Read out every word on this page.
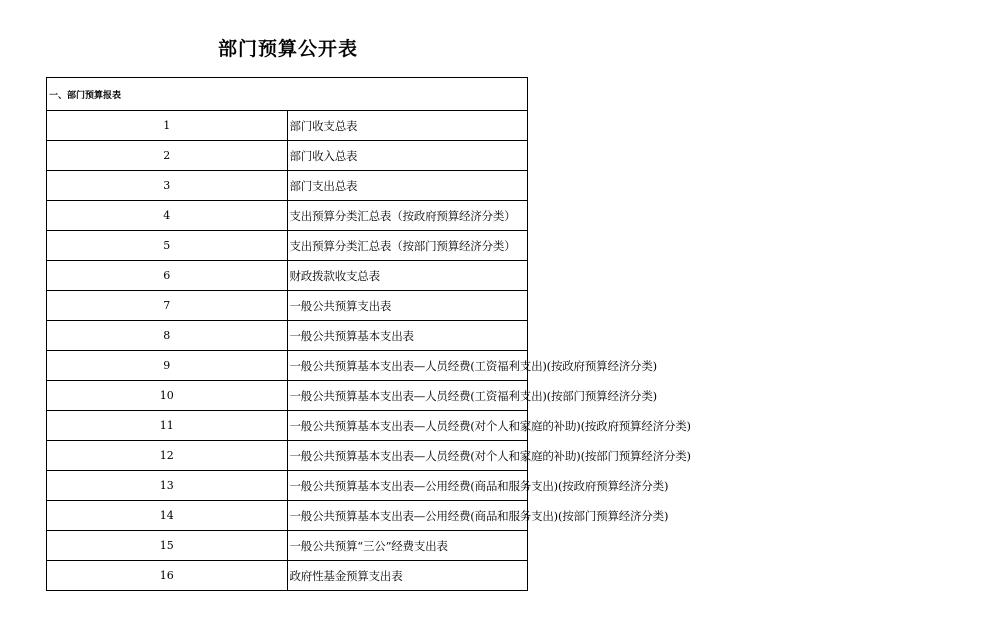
部门预算公开表
一、部门预算报表	
1	部门收支总表
2	部门收入总表
3	部门支出总表
4	支出预算分类汇总表（按政府预算经济分类）
5	支出预算分类汇总表（按部门预算经济分类）
6	财政拨款收支总表
7	一般公共预算支出表
8	一般公共预算基本支出表
9	一般公共预算基本支出表—人员经费(工资福利支出)(按政府预算经济分类)
10	一般公共预算基本支出表—人员经费(工资福利支出)(按部门预算经济分类)
11	一般公共预算基本支出表—人员经费(对个人和家庭的补助)(按政府预算经济分类)
12	一般公共预算基本支出表—人员经费(对个人和家庭的补助)(按部门预算经济分类)
13	一般公共预算基本支出表—公用经费(商品和服务支出)(按政府预算经济分类)
14	一般公共预算基本支出表—公用经费(商品和服务支出)(按部门预算经济分类)
15	一般公共预算“三公”经费支出表
16	政府性基金预算支出表
